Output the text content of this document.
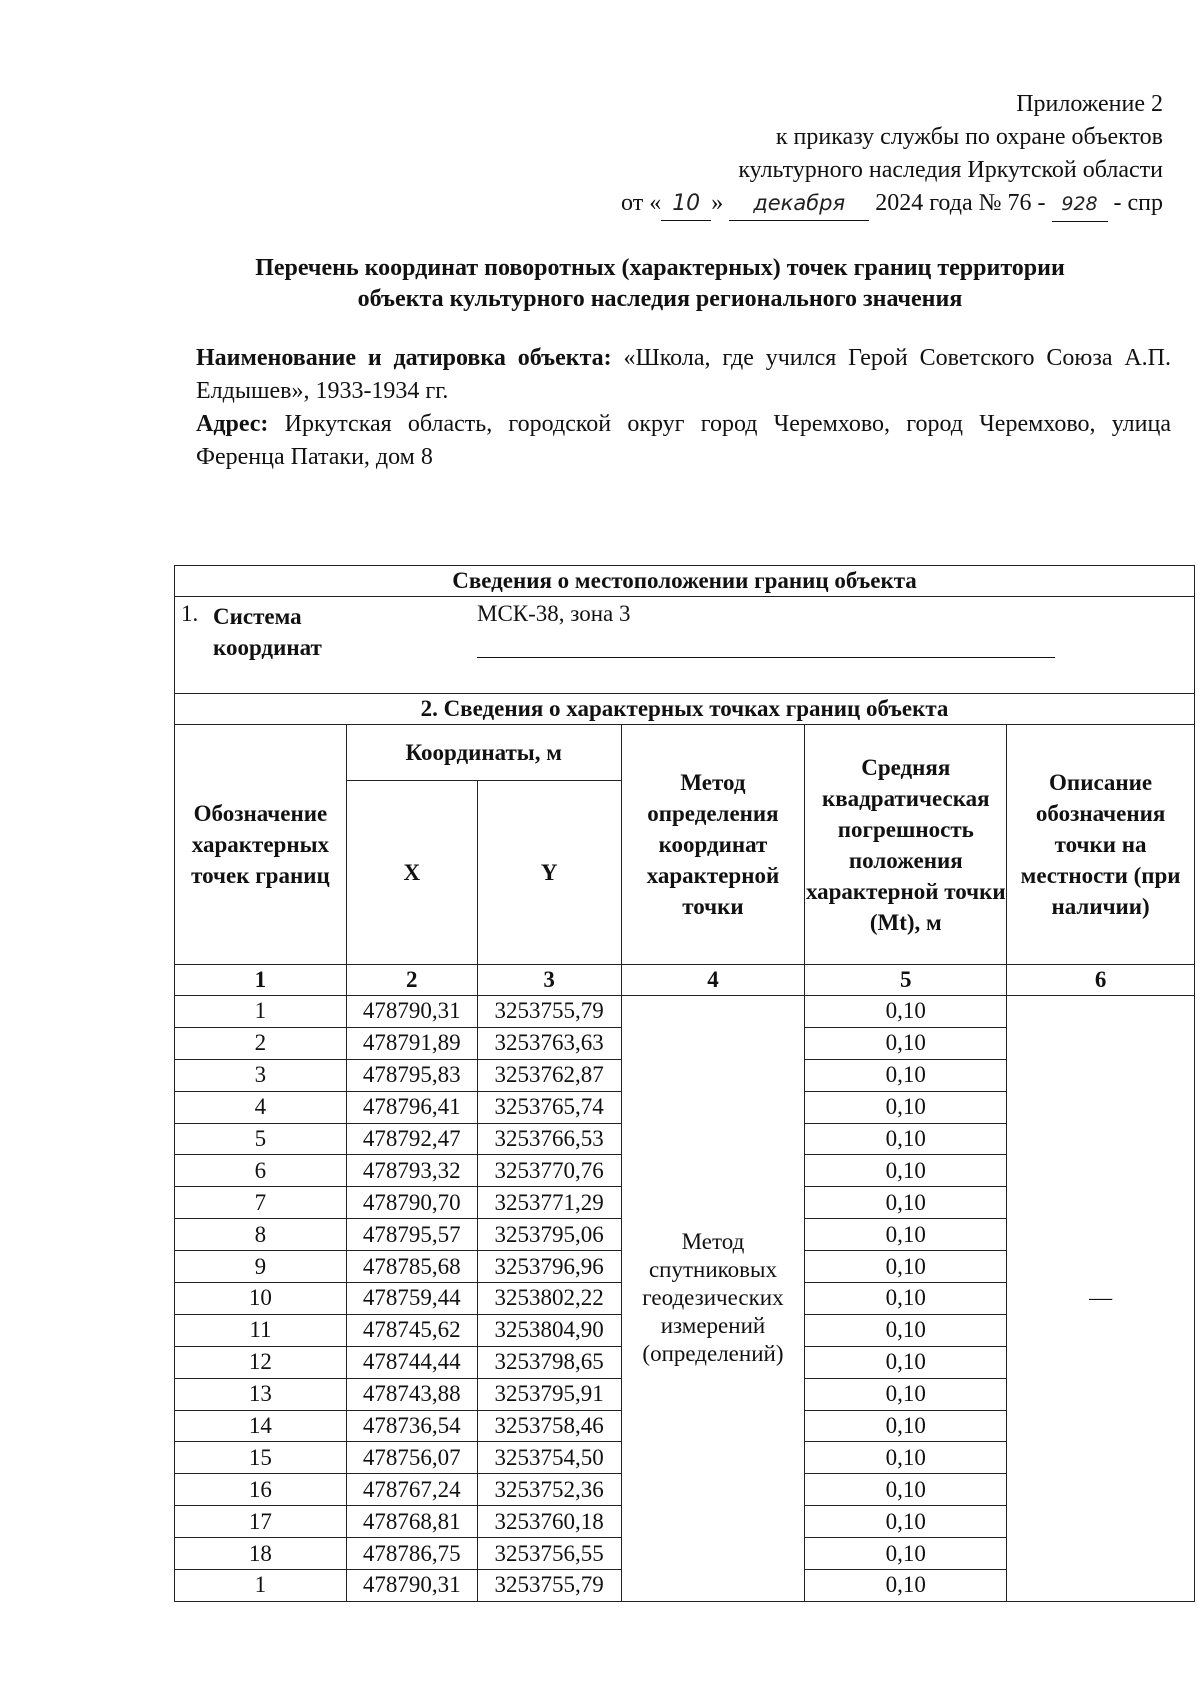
Приложение 2
к приказу службы по охране объектов
культурного наследия Иркутской области
от « 10 » декабря 2024 года № 76 - 928 - спр
Перечень координат поворотных (характерных) точек границ территории
объекта культурного наследия регионального значения

Наименование и датировка объекта: «Школа, где учился Герой Советского Союза А.П. Елдышев», 1933-1934 гг.

Адрес: Иркутская область, городской округ город Черемхово, город Черемхово, улица Ференца Патаки, дом 8

Сведения о местоположении границ объекта					

1. Система
координат
МСК-38, зона 3					

2. Сведения о характерных точках границ объекта					
Обозначение характерных точек границ	Координаты, м		Метод определения координат характерной точки	Средняя квадратическая погрешность положения характерной точки (Mt), м	Описание обозначения точки на местности (при наличии)
	X	Y			
1	2	3	4	5	6
1	478790,31	3253755,79	Метод спутниковых геодезических измерений (определений)	0,10	—
2	478791,89	3253763,63		0,10	
3	478795,83	3253762,87		0,10	
4	478796,41	3253765,74		0,10	
5	478792,47	3253766,53		0,10	
6	478793,32	3253770,76		0,10	
7	478790,70	3253771,29		0,10	
8	478795,57	3253795,06		0,10	
9	478785,68	3253796,96		0,10	
10	478759,44	3253802,22		0,10	
11	478745,62	3253804,90		0,10	
12	478744,44	3253798,65		0,10	
13	478743,88	3253795,91		0,10	
14	478736,54	3253758,46		0,10	
15	478756,07	3253754,50		0,10	
16	478767,24	3253752,36		0,10	
17	478768,81	3253760,18		0,10	
18	478786,75	3253756,55		0,10	
1	478790,31	3253755,79		0,10	
